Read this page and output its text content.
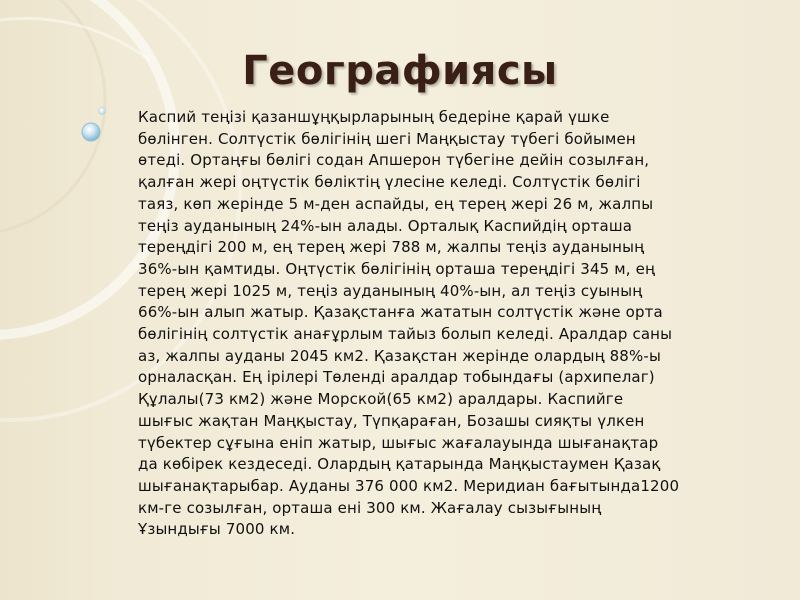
Географиясы

Каспий теңізі қазаншұңқырларының бедеріне қарай үшке бөлінген. Солтүстік бөлігінің шегі Маңқыстау түбегі бойымен өтеді. Ортаңғы бөлігі содан Апшерон түбегіне дейін созылған, қалған жері оңтүстік бөліктің үлесіне келеді. Солтүстік бөлігі таяз, көп жерінде 5 м-ден аспайды, ең терең жері 26 м, жалпы теңіз ауданының 24%-ын алады. Орталық Каспийдің орташа тереңдігі 200 м, ең терең жері 788 м, жалпы теңіз ауданының 36%-ын қамтиды. Оңтүстік бөлігінің орташа тереңдігі 345 м, ең терең жері 1025 м, теңіз ауданының 40%-ын, ал теңіз суының 66%-ын алып жатыр. Қазақстанға жататын солтүстік және орта бөлігінің солтүстік анағұрлым тайыз болып келеді. Аралдар саны аз, жалпы ауданы 2045 км2. Қазақстан жерінде олардың 88%-ы орналасқан. Ең ірілері Төленді аралдар тобындағы (архипелаг) Құлалы(73 км2) және Морской(65 км2) аралдары. Каспийге шығыс жақтан Маңқыстау, Түпқараған, Бозашы сияқты үлкен түбектер сұғына еніп жатыр, шығыс жағалауында шығанақтар да көбірек кездеседі. Олардың қатарында Маңқыстаумен Қазақ шығанақтарыбар. Ауданы 376 000 км2. Меридиан бағытында1200 км-ге созылған, орташа ені 300 км. Жағалау сызығының Ұзындығы 7000 км.
